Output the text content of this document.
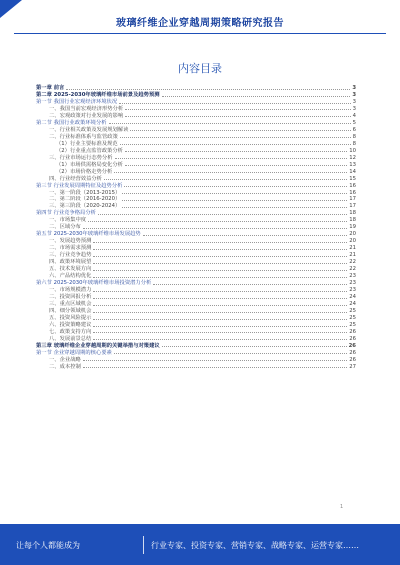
玻璃纤维企业穿越周期策略研究报告
内容目录
第一章 前言	3
第二章 2025-2030年玻璃纤维市场前景及趋势预测	3
第一节 我国行业宏观经济环境状况	3
一、我国当前宏观经济形势分析	3
二、宏观政策对行业发展的影响	4
第二节 我国行业政策环境分析	5
一、行业相关政策及发展规划解读	6
二、行业标准体系与监管政策	8
（1）行业主要标准及规范	8
（2）行业重点监管政策分析	10
三、行业市场运行态势分析	12
（1）市场供需格局变化分析	13
（2）市场价格走势分析	14
四、行业经营效益分析	15
第三节 行业发展周期特征及趋势分析	16
一、第一阶段（2013-2015）	16
二、第二阶段（2016-2020）	17
三、第三阶段（2020-2024）	17
第四节 行业竞争格局分析	18
一、市场集中度	18
二、区域分布	19
第五节 2025-2030年玻璃纤维市场发展趋势	20
一、发展趋势预测	20
二、市场需求预测	21
三、行业竞争趋势	21
四、政策环境展望	22
五、技术发展方向	22
六、产品结构优化	23
第六节 2025-2030年玻璃纤维市场投资潜力分析	23
一、市场规模潜力	23
二、投资回报分析	24
三、重点区域机会	24
四、细分领域机会	25
五、投资风险提示	25
六、投资策略建议	25
七、政策支持方向	26
八、发展前景总结	26
第三章 玻璃纤维企业穿越周期的关键举措与对策建议	26
第一节 企业穿越周期的核心要素	26
一、企业战略	26
二、成本控制	27
1
让每个人都能成为	行业专家、投资专家、营销专家、战略专家、运营专家……
